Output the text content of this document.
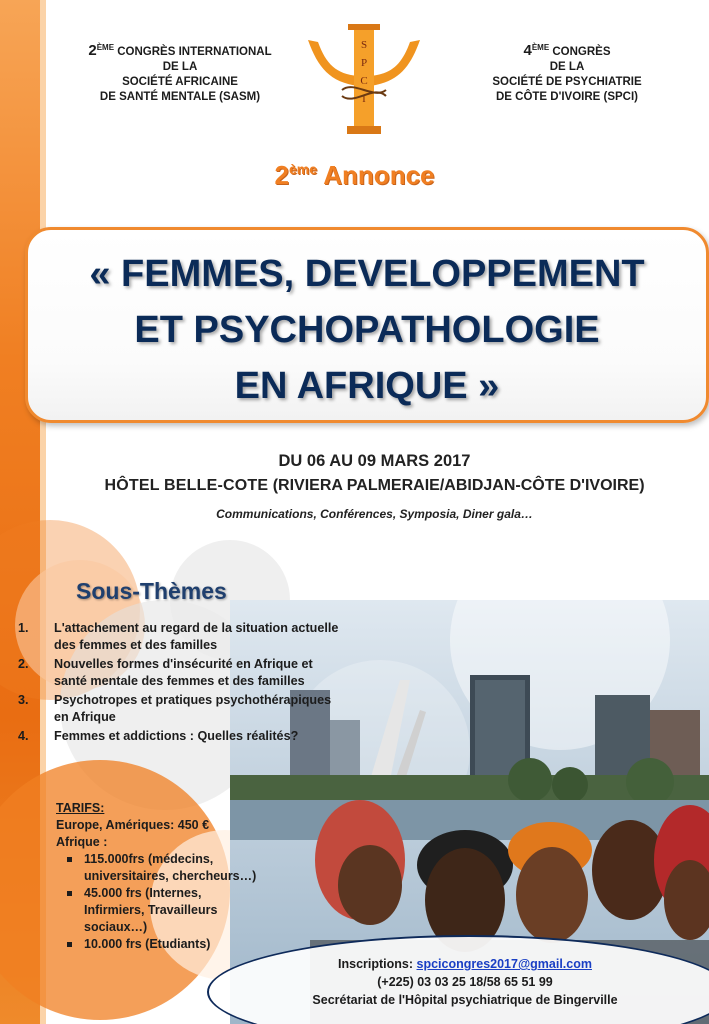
2ÈME CONGRÈS INTERNATIONAL
DE LA
SOCIÉTÉ AFRICAINE
DE SANTÉ MENTALE (SASM)
S
P
C
I
4ÈME CONGRÈS
DE LA
SOCIÉTÉ DE PSYCHIATRIE
DE CÔTE D'IVOIRE (SPCI)
2ème Annonce
« FEMMES, DEVELOPPEMENT
ET PSYCHOPATHOLOGIE
EN AFRIQUE »
DU 06 AU 09 MARS 2017
HÔTEL BELLE-COTE (RIVIERA PALMERAIE/ABIDJAN-CÔTE D'IVOIRE)
Communications, Conférences, Symposia, Diner gala…
Sous-Thèmes
1. L'attachement au regard de la situation actuelle
des femmes et des familles
2. Nouvelles formes d'insécurité en Afrique et
santé mentale des femmes et des familles
3. Psychotropes et pratiques psychothérapiques
en Afrique
4. Femmes et addictions : Quelles réalités?
TARIFS:
Europe, Amériques: 450 €
Afrique :
115.000frs (médecins,
universitaires, chercheurs…)
45.000 frs (Internes,
Infirmiers, Travailleurs
sociaux…)
10.000 frs (Etudiants)
Inscriptions: spcicongres2017@gmail.com
(+225) 03 03 25 18/58 65 51 99
Secrétariat de l'Hôpital psychiatrique de Bingerville
